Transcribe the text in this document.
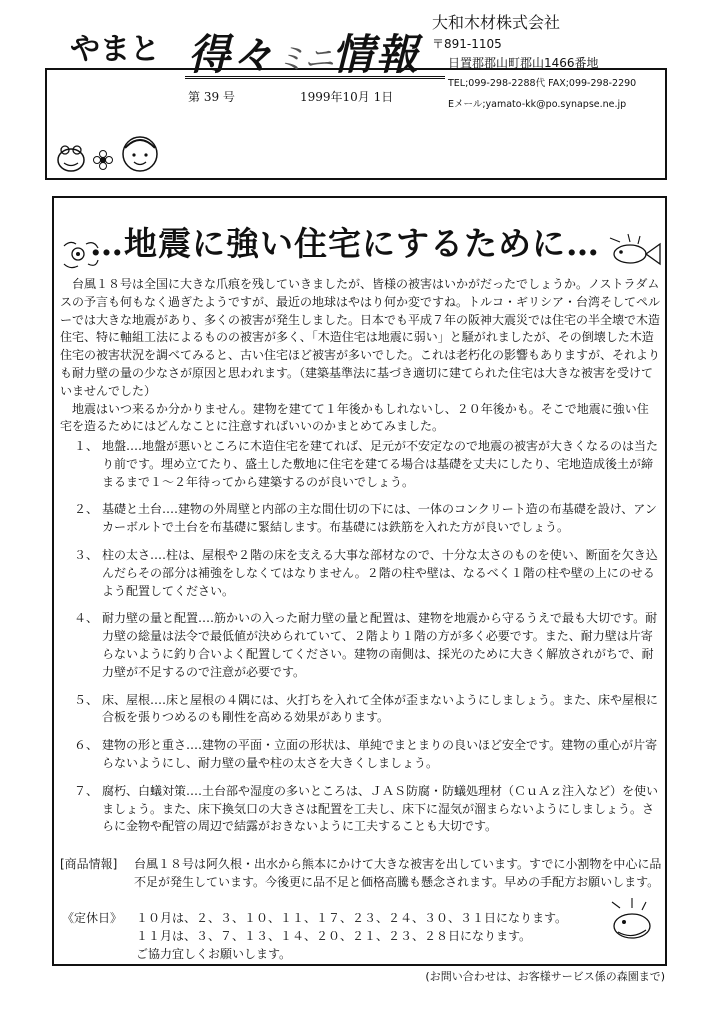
やまと 得々ミニ情報
第 39 号	1999年10月 1日
大和木材株式会社
〒891-1105
日置郡郡山町郡山1466番地
TEL;099-298-2288代 FAX;099-298-2290
Eメール;yamato-kk@po.synapse.ne.jp
…地震に強い住宅にするために…

台風１８号は全国に大きな爪痕を残していきましたが、皆様の被害はいかがだったでしょうか。ノストラダムスの予言も何もなく過ぎたようですが、最近の地球はやはり何か変ですね。トルコ・ギリシア・台湾そしてペルーでは大きな地震があり、多くの被害が発生しました。日本でも平成７年の阪神大震災では住宅の半全壊で木造住宅、特に軸組工法によるものの被害が多く、「木造住宅は地震に弱い」と騒がれましたが、その倒壊した木造住宅の被害状況を調べてみると、古い住宅ほど被害が多いでした。これは老朽化の影響もありますが、それよりも耐力壁の量の少なさが原因と思われます。（建築基準法に基づき適切に建てられた住宅は大きな被害を受けていませんでした）

地震はいつ来るか分かりません。建物を建てて１年後かもしれないし、２０年後かも。そこで地震に強い住宅を造るためにはどんなことに注意すればいいのかまとめてみました。

１、 地盤‥‥地盤が悪いところに木造住宅を建てれば、足元が不安定なので地震の被害が大きくなるのは当たり前です。埋め立てたり、盛土した敷地に住宅を建てる場合は基礎を丈夫にしたり、宅地造成後土が締まるまで１～２年待ってから建築するのが良いでしょう。
２、 基礎と土台‥‥建物の外周壁と内部の主な間仕切の下には、一体のコンクリート造の布基礎を設け、アンカーボルトで土台を布基礎に緊結します。布基礎には鉄筋を入れた方が良いでしょう。
３、 柱の太さ‥‥柱は、屋根や２階の床を支える大事な部材なので、十分な太さのものを使い、断面を欠き込んだらその部分は補強をしなくてはなりません。２階の柱や壁は、なるべく１階の柱や壁の上にのせるよう配置してください。
４、 耐力壁の量と配置‥‥筋かいの入った耐力壁の量と配置は、建物を地震から守るうえで最も大切です。耐力壁の総量は法令で最低値が決められていて、２階より１階の方が多く必要です。また、耐力壁は片寄らないように釣り合いよく配置してください。建物の南側は、採光のために大きく解放されがちで、耐力壁が不足するので注意が必要です。
５、 床、屋根‥‥床と屋根の４隅には、火打ちを入れて全体が歪まないようにしましょう。また、床や屋根に合板を張りつめるのも剛性を高める効果があります。
６、 建物の形と重さ‥‥建物の平面・立面の形状は、単純でまとまりの良いほど安全です。建物の重心が片寄らないようにし、耐力壁の量や柱の太さを大きくしましょう。
７、 腐朽、白蟻対策‥‥土台部や湿度の多いところは、ＪＡＳ防腐・防蟻処理材（ＣｕＡｚ注入など）を使いましょう。また、床下換気口の大きさは配置を工夫し、床下に湿気が溜まらないようにしましょう。さらに金物や配管の周辺で結露がおきないように工夫することも大切です。
[商品情報]	台風１８号は阿久根・出水から熊本にかけて大きな被害を出しています。すでに小割物を中心に品不足が発生しています。今後更に品不足と価格高騰も懸念されます。早めの手配方お願いします。
《定休日》	１０月は、２、３、１０、１１、１７、２３、２４、３０、３１日になります。
１１月は、３、７、１３、１４、２０、２１、２３、２８日になります。
ご協力宜しくお願いします。
(お問い合わせは、お客様サービス係の森園まで)
